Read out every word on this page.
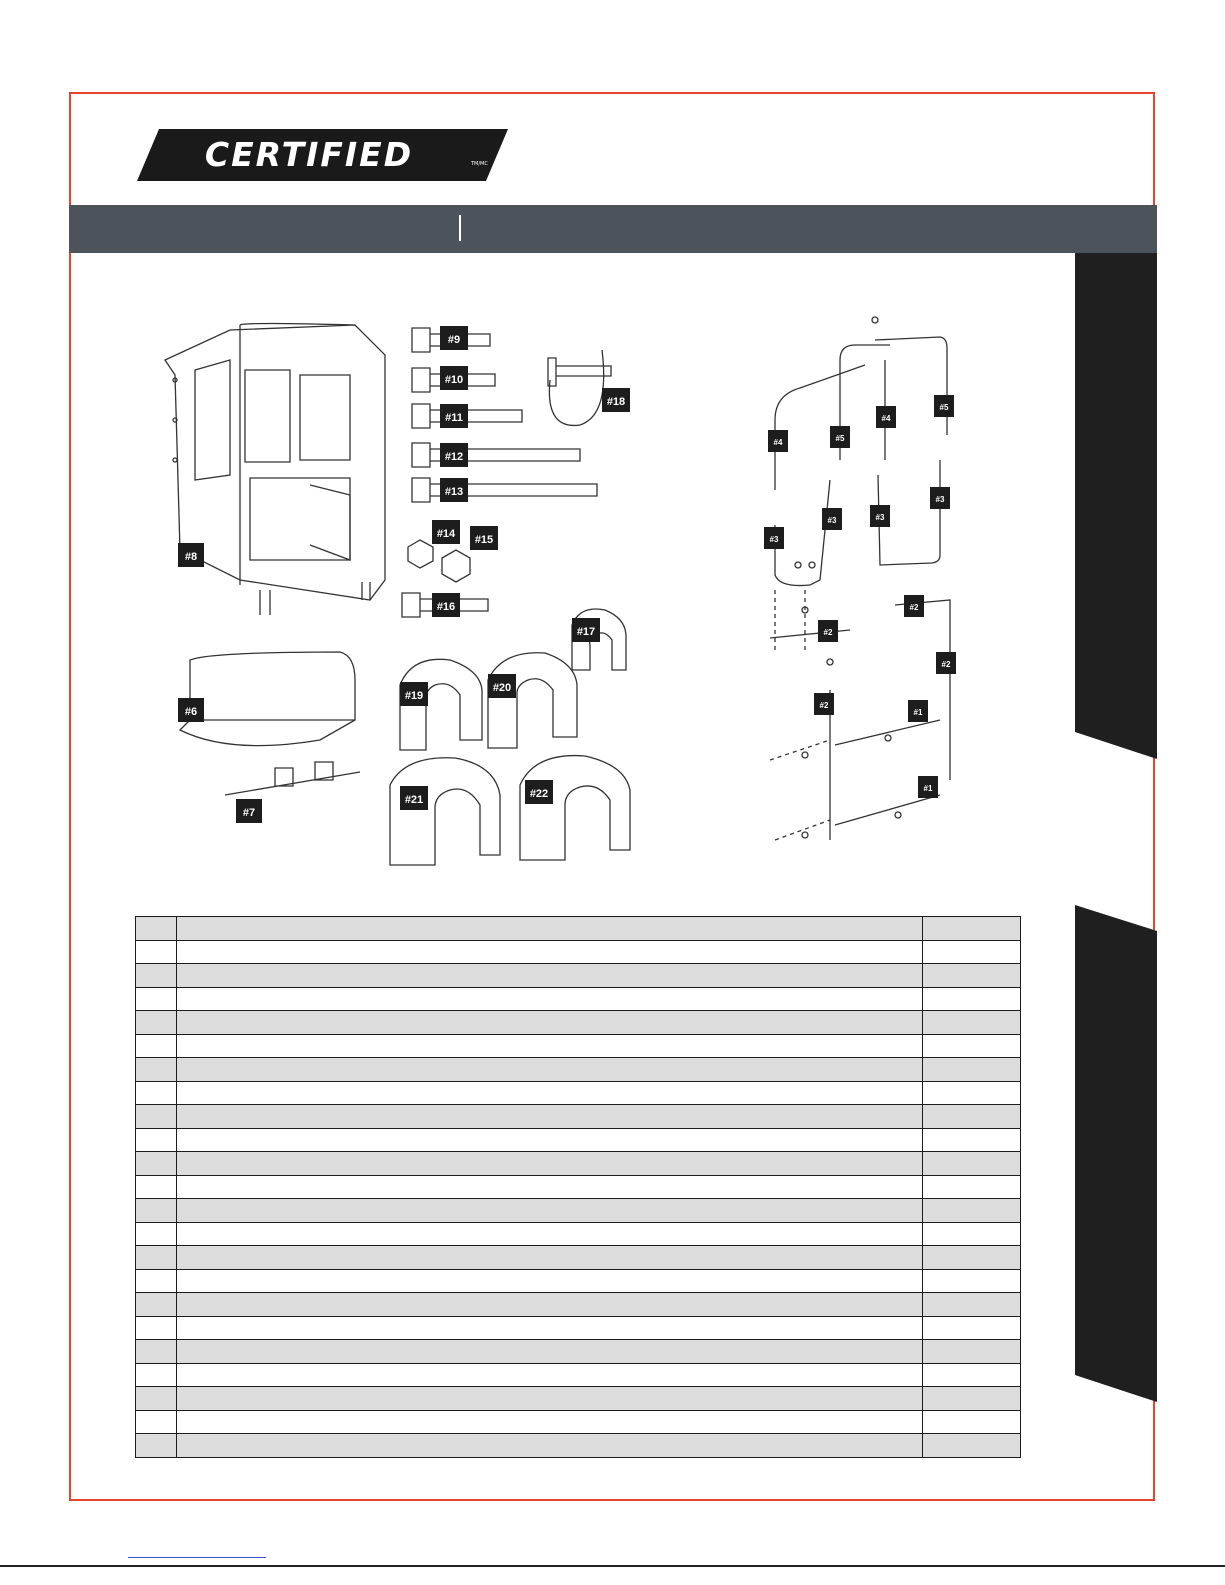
CERTIFIED	TM/MC
#8
#9
#10
#11
#12
#13
#14 #15
#16
#17
#18
#6
#7
#19
#20
#21	#22
#4	#5
#4
#5
#3
#3	#3
#3
#2
#2
#2
#2
#1
#1
